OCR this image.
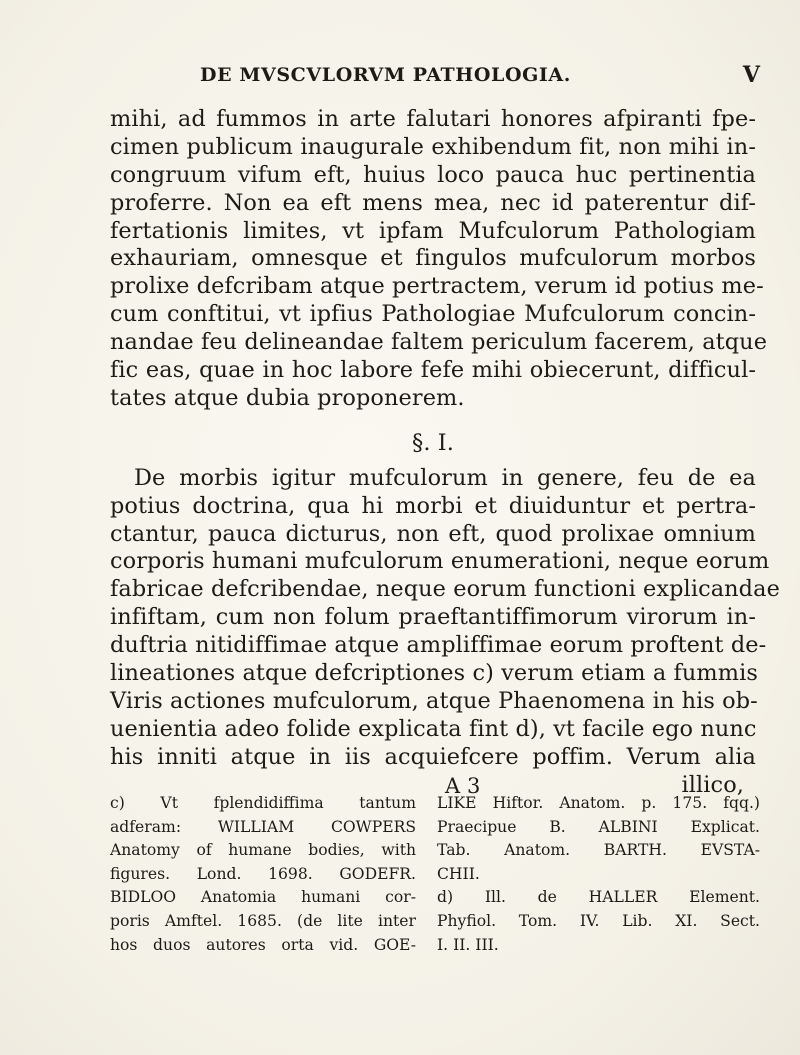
DE MVSCVLORVM PATHOLOGIA.	V
mihi, ad fummos in arte falutari honores afpiranti fpe-
cimen publicum inaugurale exhibendum fit, non mihi in-
congruum vifum eft, huius loco pauca huc pertinentia
proferre. Non ea eft mens mea, nec id paterentur dif-
fertationis limites, vt ipfam Mufculorum Pathologiam
exhauriam, omnesque et fingulos mufculorum morbos
prolixe defcribam atque pertractem, verum id potius me-
cum conftitui, vt ipfius Pathologiae Mufculorum concin-
nandae feu delineandae faltem periculum facerem, atque
fic eas, quae in hoc labore fefe mihi obiecerunt, difficul-
tates atque dubia proponerem.
§. I.
De morbis igitur mufculorum in genere, feu de ea
potius doctrina, qua hi morbi et diuiduntur et pertra-
ctantur, pauca dicturus, non eft, quod prolixae omnium
corporis humani mufculorum enumerationi, neque eorum
fabricae defcribendae, neque eorum functioni explicandae
infiftam, cum non folum praeftantiffimorum virorum in-
duftria nitidiffimae atque ampliffimae eorum proftent de-
lineationes atque defcriptiones c) verum etiam a fummis
Viris actiones mufculorum, atque Phaenomena in his ob-
uenientia adeo folide explicata fint d), vt facile ego nunc
his inniti atque in iis acquiefcere poffim. Verum alia
A 3	illico,
c) Vt fplendidiffima tantum
adferam: WILLIAM COWPERS
Anatomy of humane bodies, with
figures. Lond. 1698. GODEFR.
BIDLOO Anatomia humani cor-
poris Amftel. 1685. (de lite inter
hos duos autores orta vid. GOE-
LIKE Hiftor. Anatom. p. 175. fqq.)
Praecipue B. ALBINI Explicat.
Tab. Anatom. BARTH. EVSTA-
CHII.
d) Ill. de HALLER Element.
Phyfiol. Tom. IV. Lib. XI. Sect.
I. II. III.
